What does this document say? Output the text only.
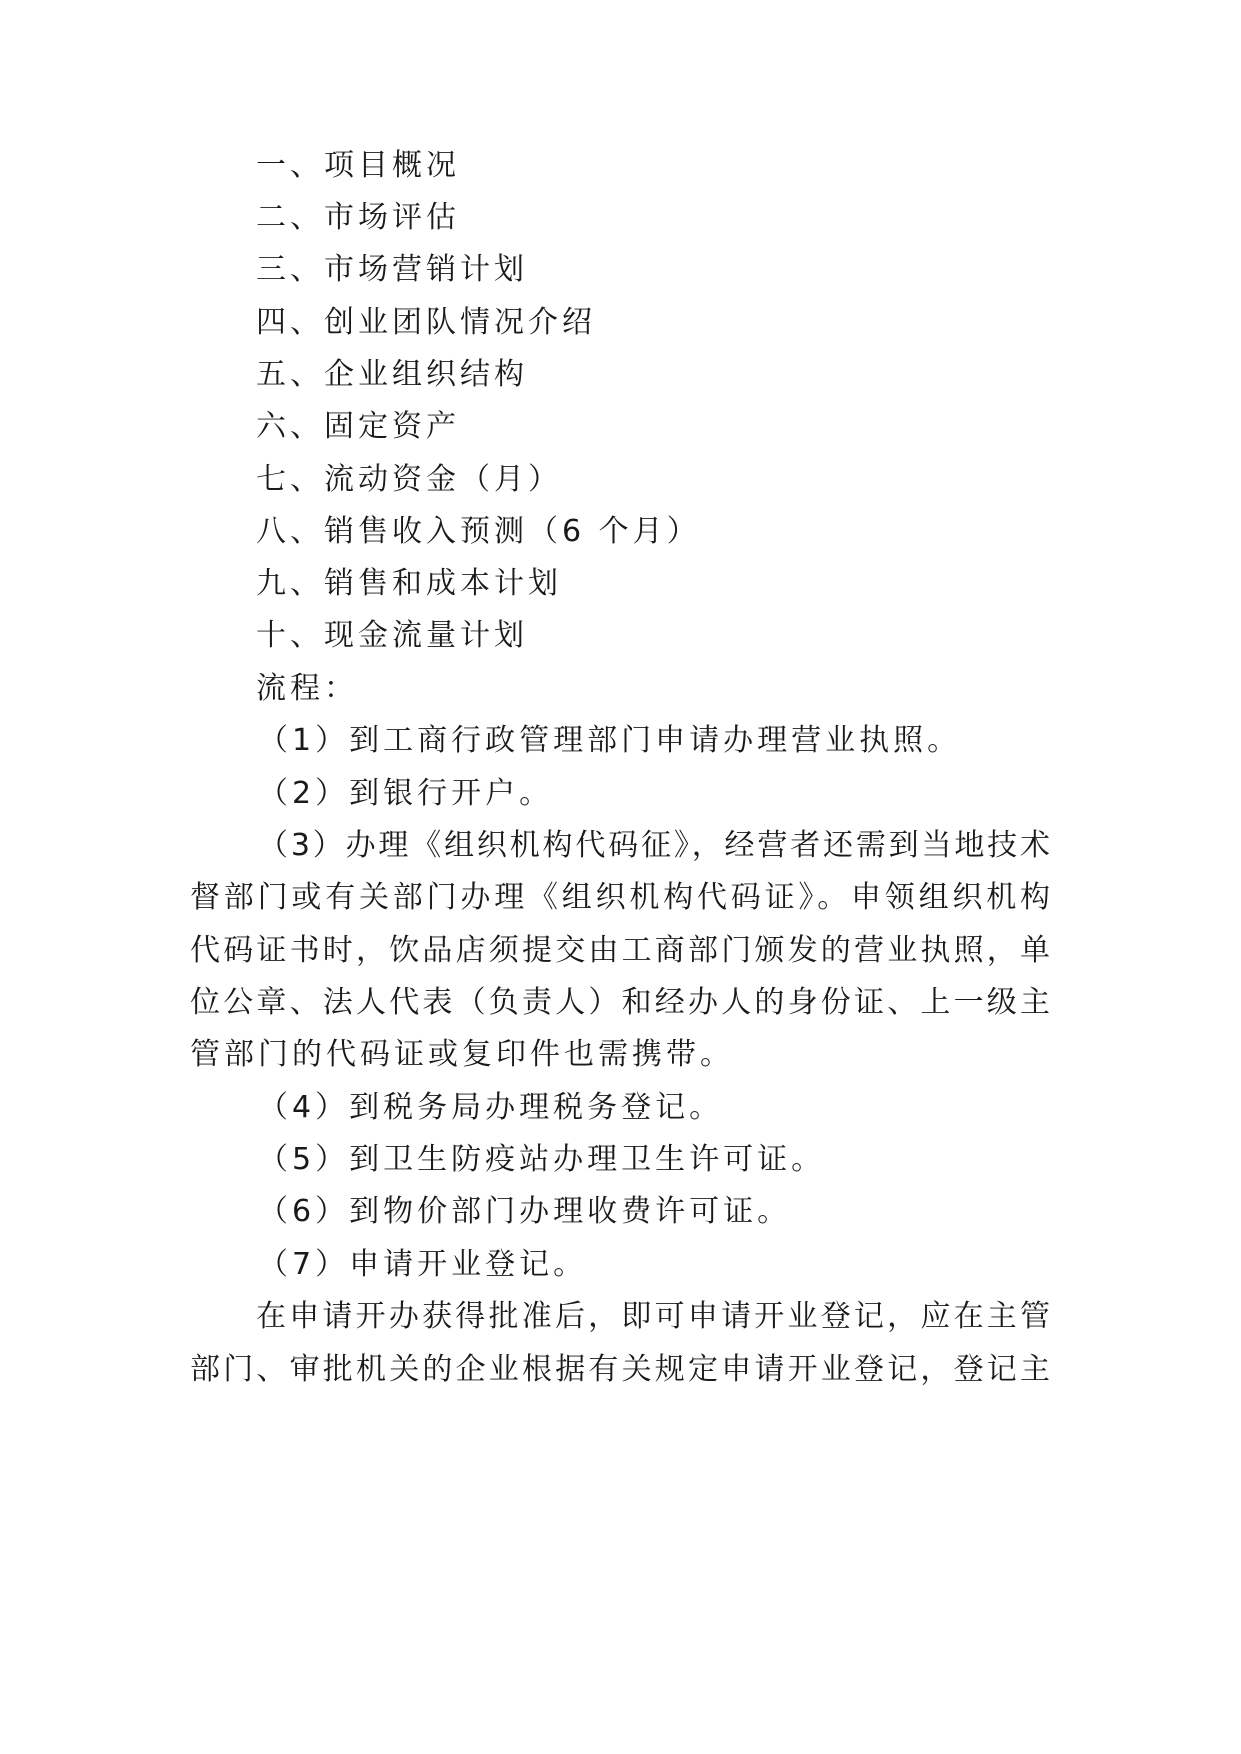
一、项目概况
二、市场评估
三、市场营销计划
四、创业团队情况介绍
五、企业组织结构
六、固定资产
七、流动资金（月）
八、销售收入预测（6 个月）
九、销售和成本计划
十、现金流量计划
流程：
（1）到工商行政管理部门申请办理营业执照。
（2）到银行开户。
（3）办理《组织机构代码征》，经营者还需到当地技术
督部门或有关部门办理《组织机构代码证》。申领组织机构
代码证书时，饮品店须提交由工商部门颁发的营业执照，单
位公章、法人代表（负责人）和经办人的身份证、上一级主
管部门的代码证或复印件也需携带。
（4）到税务局办理税务登记。
（5）到卫生防疫站办理卫生许可证。
（6）到物价部门办理收费许可证。
（7）申请开业登记。
在申请开办获得批准后，即可申请开业登记，应在主管
部门、审批机关的企业根据有关规定申请开业登记，登记主
